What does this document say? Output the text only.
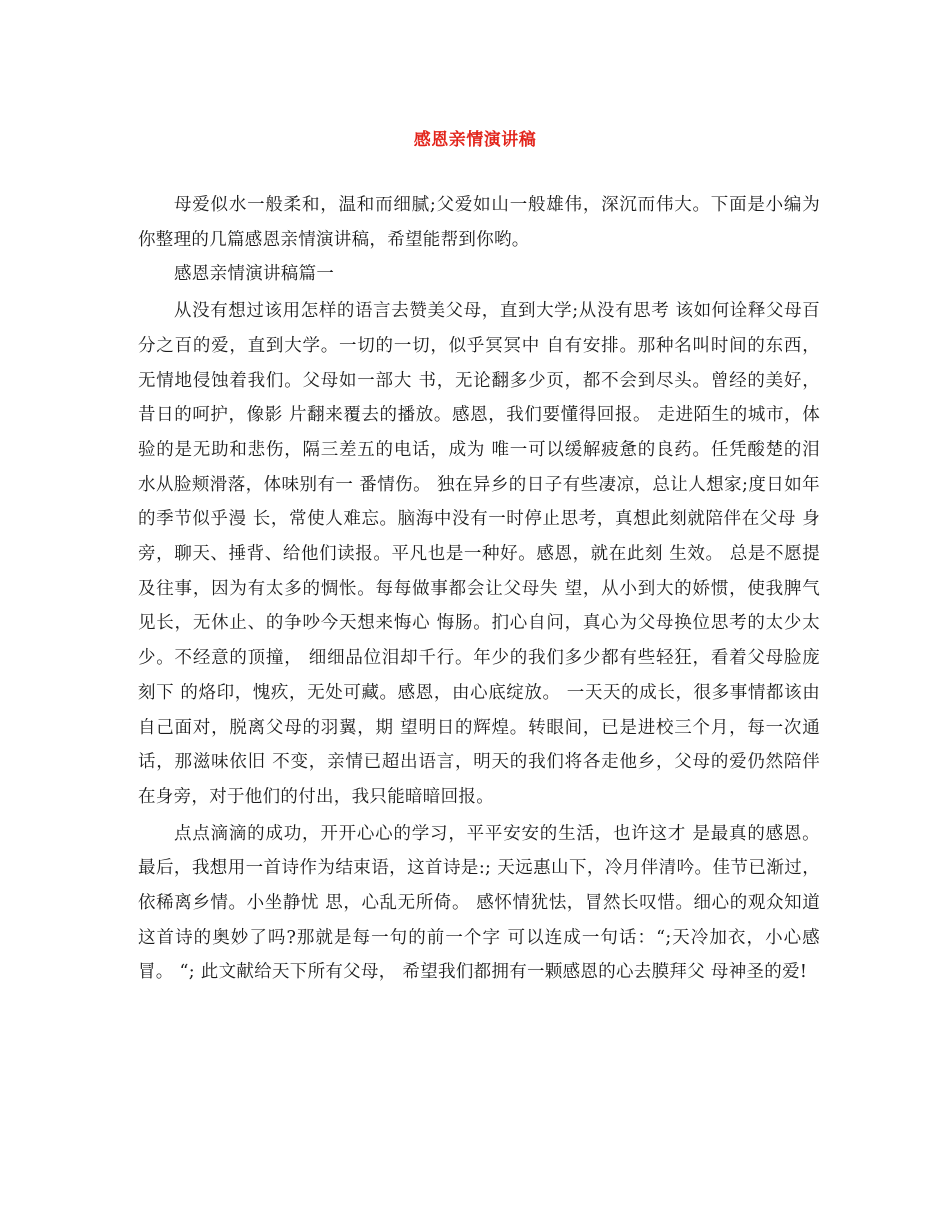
感恩亲情演讲稿

母爱似水一般柔和，温和而细腻;父爱如山一般雄伟，深沉而伟大。下面是小编为你整理的几篇感恩亲情演讲稿，希望能帮到你哟。

感恩亲情演讲稿篇一

从没有想过该用怎样的语言去赞美父母，直到大学;从没有思考 该如何诠释父母百分之百的爱，直到大学。一切的一切，似乎冥冥中 自有安排。那种名叫时间的东西，无情地侵蚀着我们。父母如一部大 书，无论翻多少页，都不会到尽头。曾经的美好，昔日的呵护，像影 片翻来覆去的播放。感恩，我们要懂得回报。 走进陌生的城市，体验的是无助和悲伤，隔三差五的电话，成为 唯一可以缓解疲惫的良药。任凭酸楚的泪水从脸颊滑落，体味别有一 番情伤。 独在异乡的日子有些凄凉，总让人想家;度日如年的季节似乎漫 长，常使人难忘。脑海中没有一时停止思考，真想此刻就陪伴在父母 身旁，聊天、捶背、给他们读报。平凡也是一种好。感恩，就在此刻 生效。 总是不愿提及往事，因为有太多的惆怅。每每做事都会让父母失 望，从小到大的娇惯，使我脾气见长，无休止、的争吵今天想来悔心 悔肠。扪心自问，真心为父母换位思考的太少太少。不经意的顶撞， 细细品位泪却千行。年少的我们多少都有些轻狂，看着父母脸庞刻下 的烙印，愧疚，无处可藏。感恩，由心底绽放。 一天天的成长，很多事情都该由自己面对，脱离父母的羽翼，期 望明日的辉煌。转眼间，已是进校三个月，每一次通话，那滋味依旧 不变，亲情已超出语言，明天的我们将各走他乡，父母的爱仍然陪伴 在身旁，对于他们的付出，我只能暗暗回报。

点点滴滴的成功，开开心心的学习，平平安安的生活，也许这才 是最真的感恩。最后，我想用一首诗作为结束语，这首诗是:; 天远惠山下，冷月伴清吟。佳节已渐过，依稀离乡情。小坐静忧 思，心乱无所倚。 感怀情犹怯，冒然长叹惜。细心的观众知道这首诗的奥妙了吗?那就是每一句的前一个字 可以连成一句话：“;天冷加衣，小心感冒。 “; 此文献给天下所有父母， 希望我们都拥有一颗感恩的心去膜拜父 母神圣的爱!
